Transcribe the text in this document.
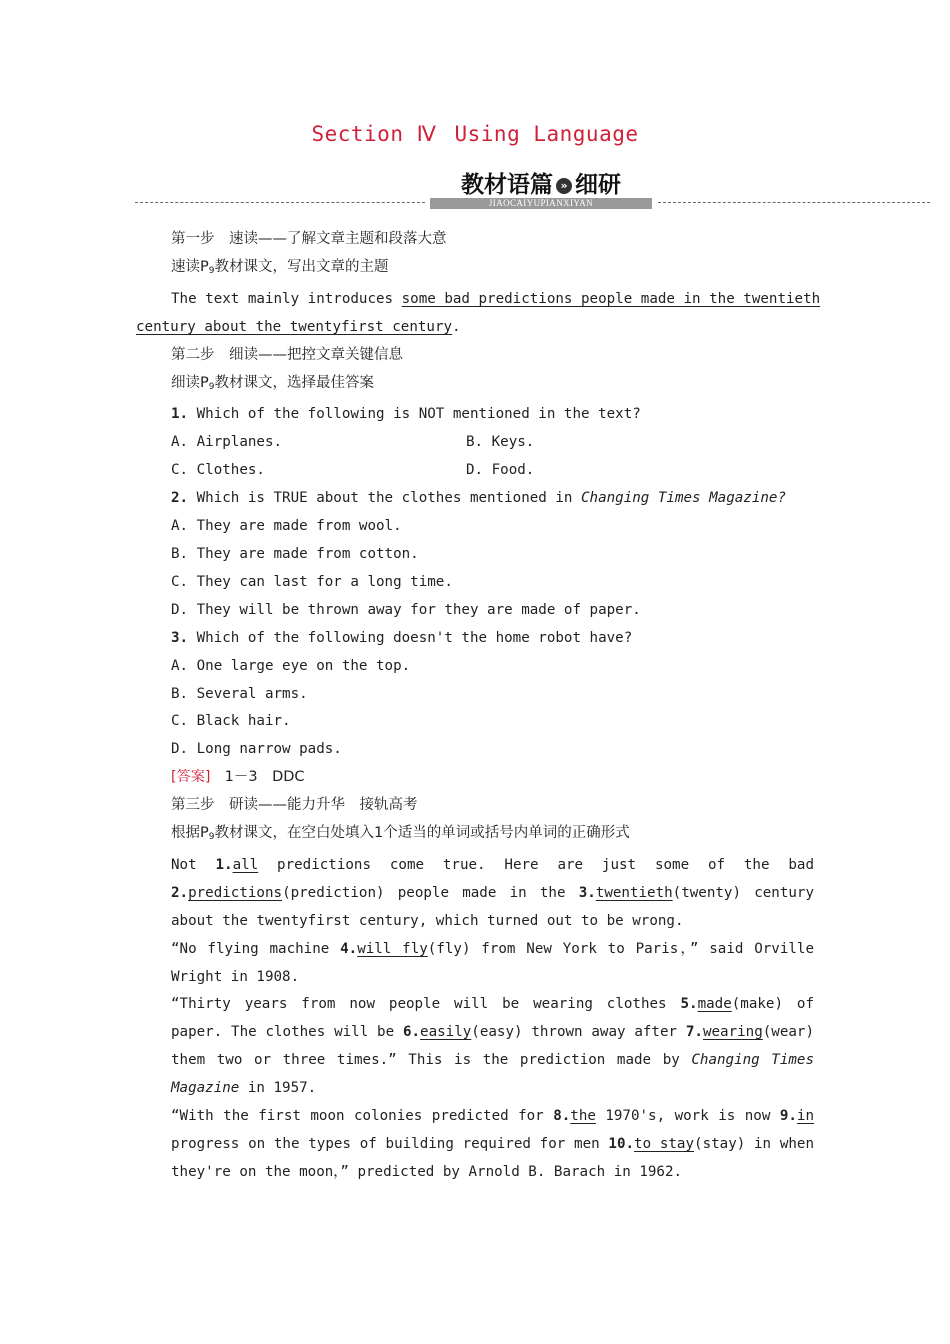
Section Ⅳ Using Language
教材语篇 » 细研
JIAOCAIYUPIANXIYAN

第一步　速读——了解文章主题和段落大意

速读$P_9$教材课文，写出文章的主题

The text mainly introduces some bad predictions people made in the twentieth

century about the twentyfirst century.

第二步　细读——把控文章关键信息

细读$P_9$教材课文，选择最佳答案

1. Which of the following is NOT mentioned in the text?

A. Airplanes.	B. Keys.

C. Clothes.	D. Food.

2. Which is TRUE about the clothes mentioned in Changing Times Magazine?

A. They are made from wool.

B. They are made from cotton.

C. They can last for a long time.

D. They will be thrown away for they are made of paper.

3. Which of the following doesn't the home robot have?

A. One large eye on the top.

B. Several arms.

C. Black hair.

D. Long narrow pads.

[答案]　 1－3　DDC

第三步　研读——能力升华　接轨高考

根据$P_9$教材课文，在空白处填入1个适当的单词或括号内单词的正确形式

Not 1.all predictions come true. Here are just some of the bad 2.predictions(prediction) people made in the 3.twentieth(twenty) century about the twentyfirst century, which turned out to be wrong.

“No flying machine 4.will fly(fly) from New York to Paris，” said Orville Wright in 1908.

“Thirty years from now people will be wearing clothes 5.made(make) of paper. The clothes will be 6.easily(easy) thrown away after 7.wearing(wear) them two or three times.” This is the prediction made by Changing Times Magazine in 1957.

“With the first moon colonies predicted for 8.the 1970's, work is now 9.in progress on the types of building required for men 10.to stay(stay) in when they're on the moon，” predicted by Arnold B. Barach in 1962.
